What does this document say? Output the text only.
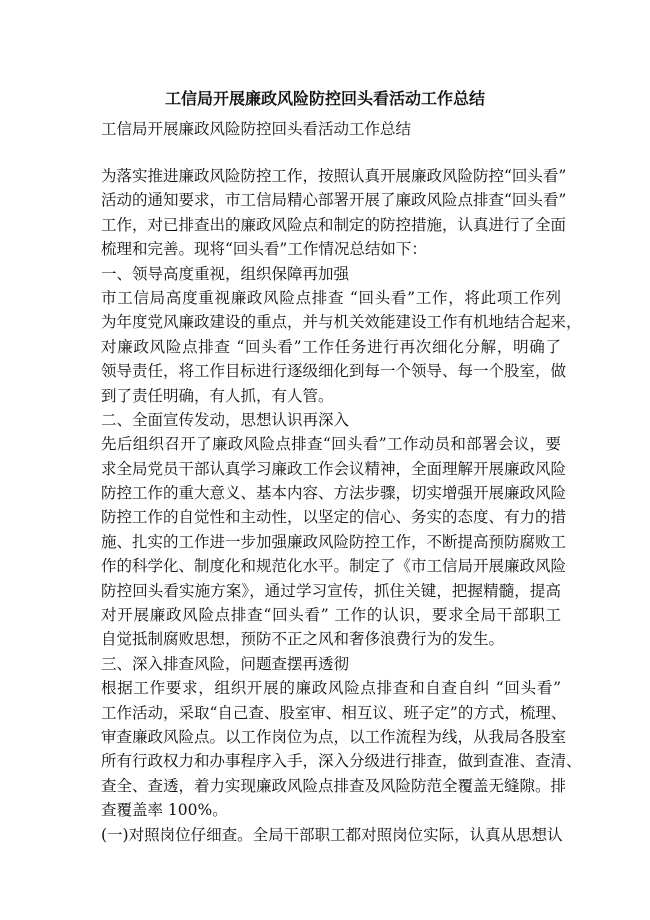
工信局开展廉政风险防控回头看活动工作总结
工信局开展廉政风险防控回头看活动工作总结
为落实推进廉政风险防控工作，按照认真开展廉政风险防控“回头看”
活动的通知要求，市工信局精心部署开展了廉政风险点排查“回头看”
工作，对已排查出的廉政风险点和制定的防控措施，认真进行了全面
梳理和完善。现将“回头看”工作情况总结如下：
一、领导高度重视，组织保障再加强
市工信局高度重视廉政风险点排查 “回头看”工作，将此项工作列
为年度党风廉政建设的重点，并与机关效能建设工作有机地结合起来，
对廉政风险点排查 “回头看”工作任务进行再次细化分解，明确了
领导责任，将工作目标进行逐级细化到每一个领导、每一个股室，做
到了责任明确，有人抓，有人管。
二、全面宣传发动，思想认识再深入
先后组织召开了廉政风险点排查“回头看”工作动员和部署会议，要
求全局党员干部认真学习廉政工作会议精神，全面理解开展廉政风险
防控工作的重大意义、基本内容、方法步骤，切实增强开展廉政风险
防控工作的自觉性和主动性，以坚定的信心、务实的态度、有力的措
施、扎实的工作进一步加强廉政风险防控工作，不断提高预防腐败工
作的科学化、制度化和规范化水平。制定了《市工信局开展廉政风险
防控回头看实施方案》，通过学习宣传，抓住关键，把握精髓，提高
对开展廉政风险点排查“回头看” 工作的认识，要求全局干部职工
自觉抵制腐败思想，预防不正之风和奢侈浪费行为的发生。
三、深入排查风险，问题查摆再透彻
根据工作要求，组织开展的廉政风险点排查和自查自纠 “回头看”
工作活动，采取“自己查、股室审、相互议、班子定”的方式，梳理、
审查廉政风险点。以工作岗位为点，以工作流程为线，从我局各股室
所有行政权力和办事程序入手，深入分级进行排查，做到查准、查清、
查全、查透，着力实现廉政风险点排查及风险防范全覆盖无缝隙。排
查覆盖率 100%。
(一)对照岗位仔细查。全局干部职工都对照岗位实际，认真从思想认
